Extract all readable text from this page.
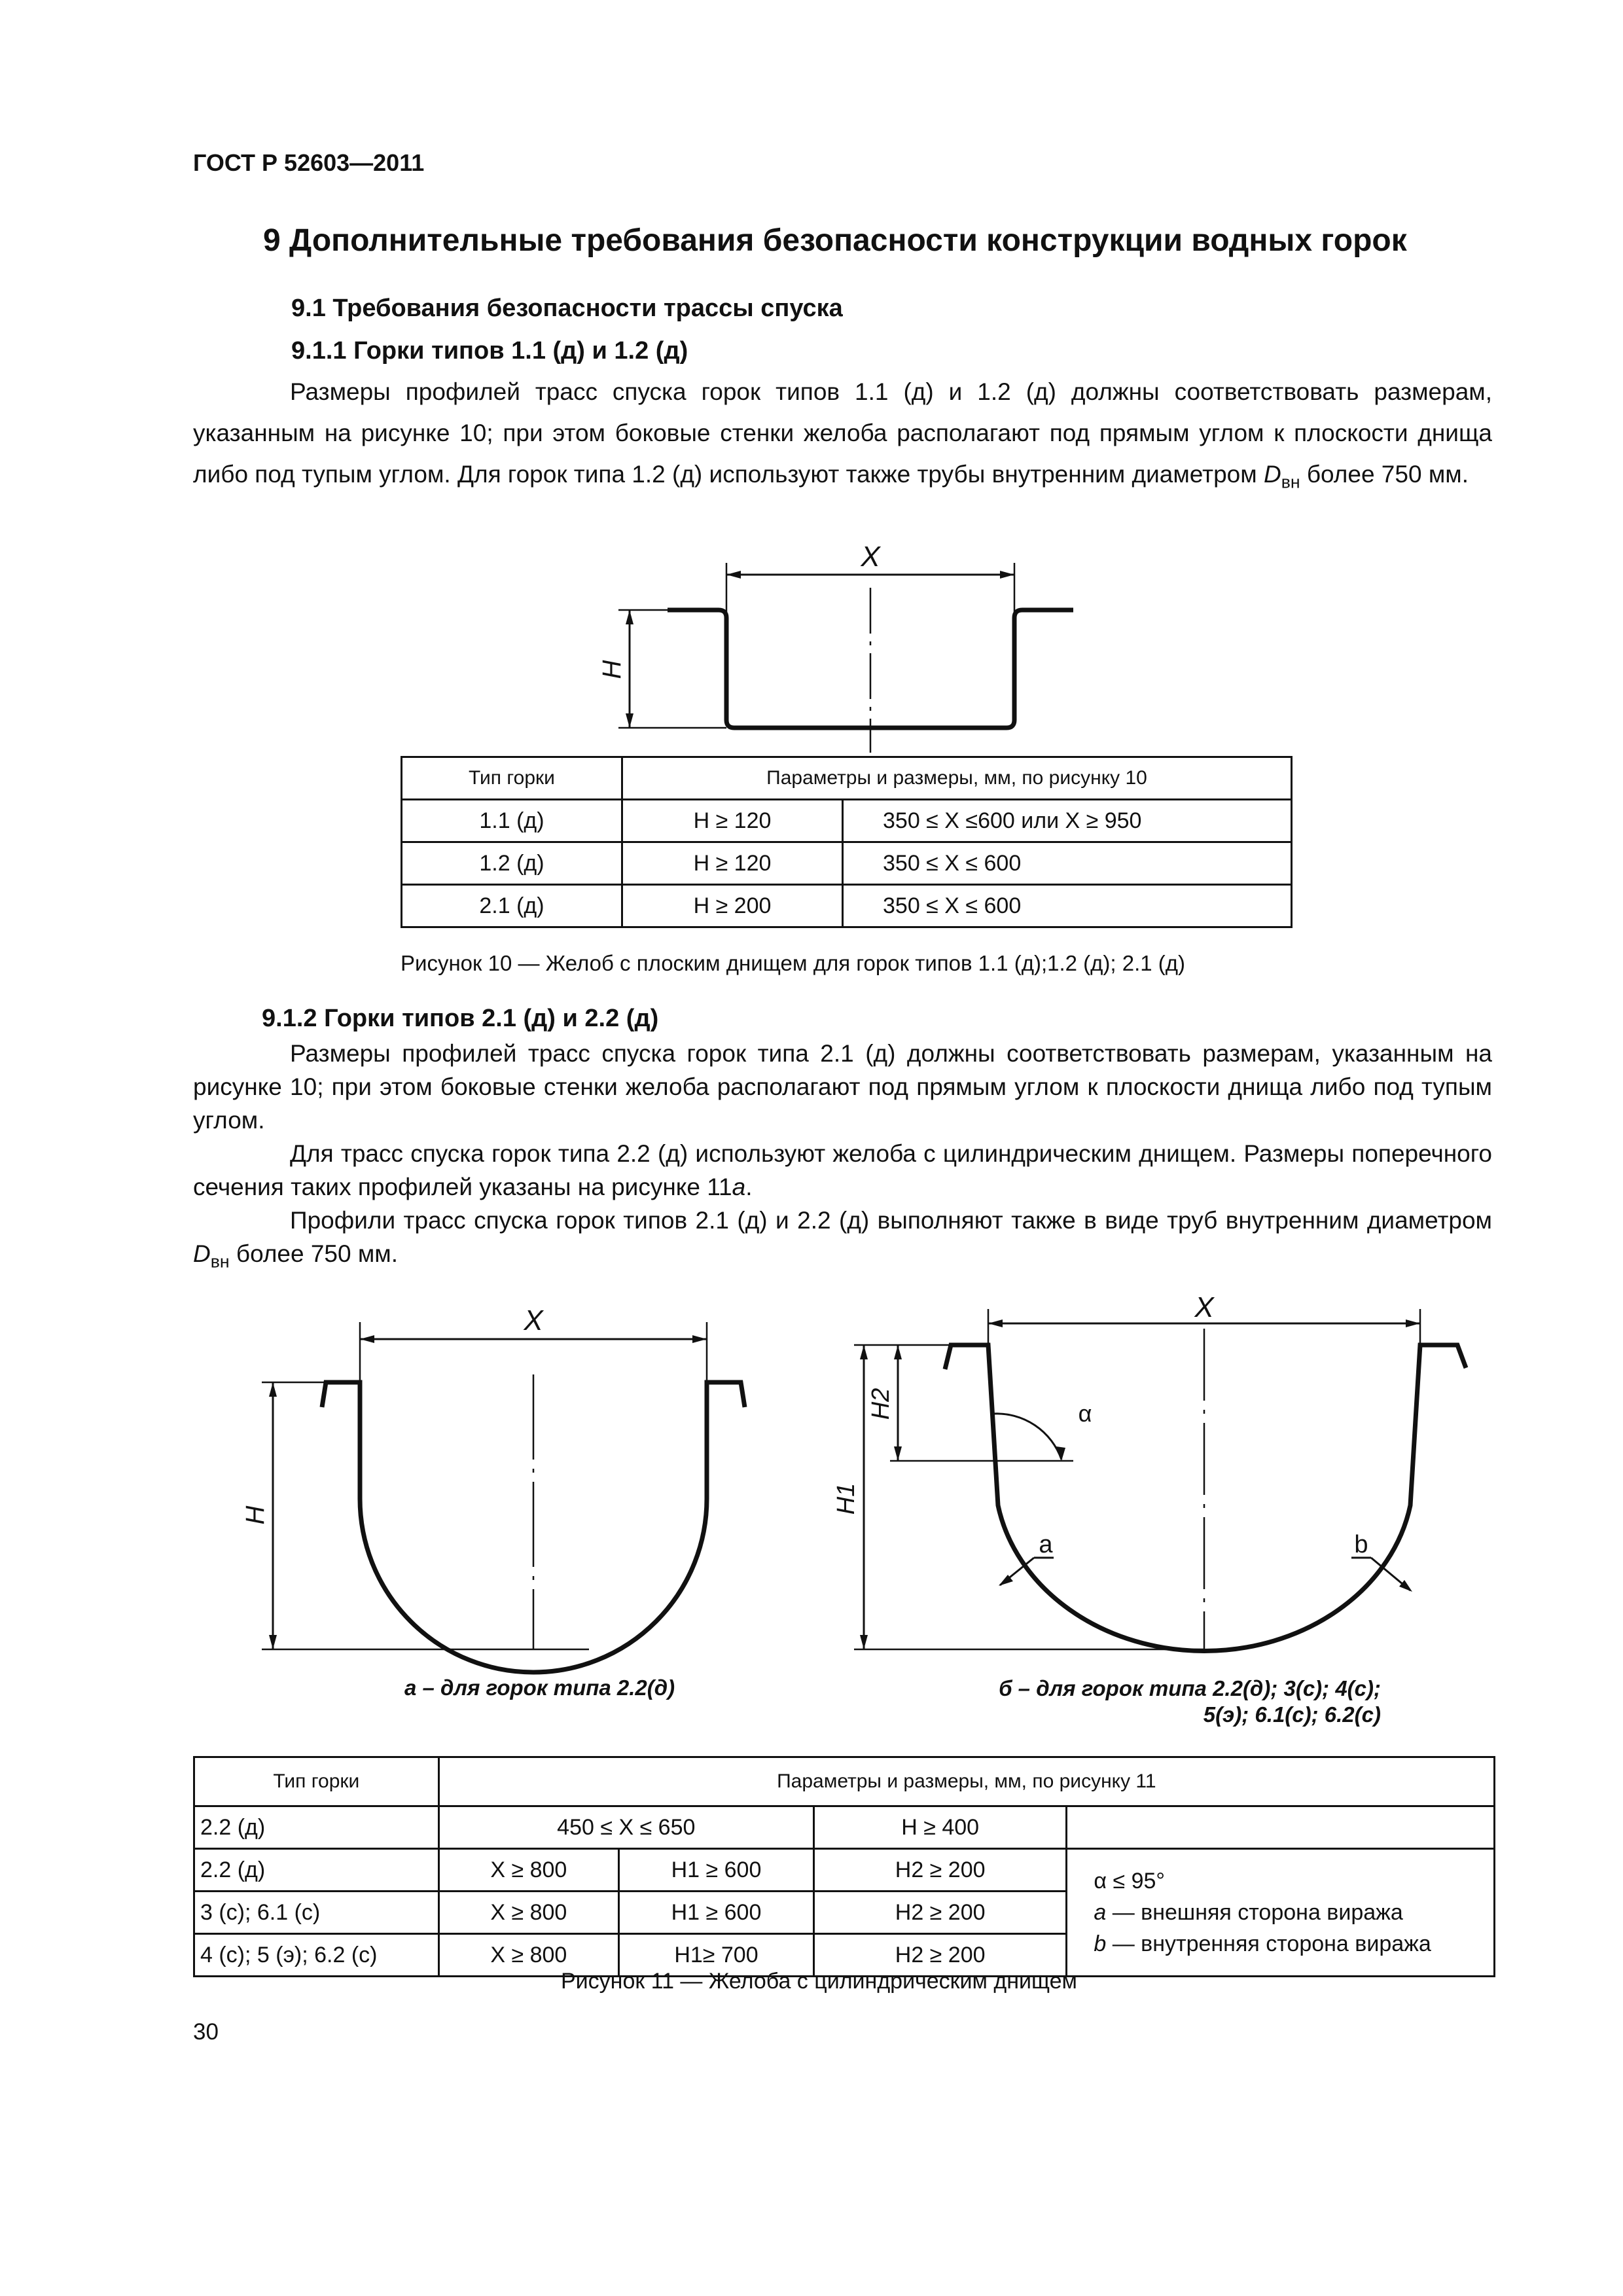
ГОСТ Р 52603—2011
9 Дополнительные требования безопасности конструкции водных горок
9.1 Требования безопасности трассы спуска
9.1.1 Горки типов 1.1 (д) и 1.2 (д)
Размеры профилей трасс спуска горок типов 1.1 (д) и 1.2 (д) должны соответствовать размерам, указанным на рисунке 10; при этом боковые стенки желоба располагают под прямым углом к плоскости днища либо под тупым углом. Для горок типа 1.2 (д) используют также трубы внутренним диаметром $D_{вн}$ более 750 мм.
X
H
Тип горки	Параметры и размеры, мм, по рисунку 10	
1.1 (д)	H ≥ 120	350 ≤ X ≤600 или X ≥ 950
1.2 (д)	H ≥ 120	350 ≤ X ≤ 600
2.1 (д)	H ≥ 200	350 ≤ X ≤ 600
Рисунок 10 — Желоб с плоским днищем для горок типов 1.1 (д);1.2 (д); 2.1 (д)
9.1.2 Горки типов 2.1 (д) и 2.2 (д)
Размеры профилей трасс спуска горок типа 2.1 (д) должны соответствовать размерам, указанным на рисунке 10; при этом боковые стенки желоба располагают под прямым углом к плоскости днища либо под тупым углом.
Для трасс спуска горок типа 2.2 (д) используют желоба с цилиндрическим днищем. Размеры поперечного сечения таких профилей указаны на рисунке 11а.
Профили трасс спуска горок типов 2.1 (д) и 2.2 (д) выполняют также в виде труб внутренним диаметром $D_{вн}$ более 750 мм.
X
H
а – для горок типа 2.2(д)
X
H1
H2	α
a	b
б – для горок типа 2.2(д); 3(с); 4(с);
5(э); 6.1(с); 6.2(с)
Тип горки	Параметры и размеры, мм, по рисунку 11			
2.2 (д)	450 ≤ X ≤ 650		H ≥ 400	
2.2 (д)	X ≥ 800	H1 ≥ 600	H2 ≥ 200	α ≤ 95°
a — внешняя сторона виража
b — внутренняя сторона виража

3 (с); 6.1 (с)	X ≥ 800	H1 ≥ 600	H2 ≥ 200	
4 (с); 5 (э); 6.2 (с)	X ≥ 800	H1≥ 700	H2 ≥ 200	
Рисунок 11 — Желоба с цилиндрическим днищем
30
